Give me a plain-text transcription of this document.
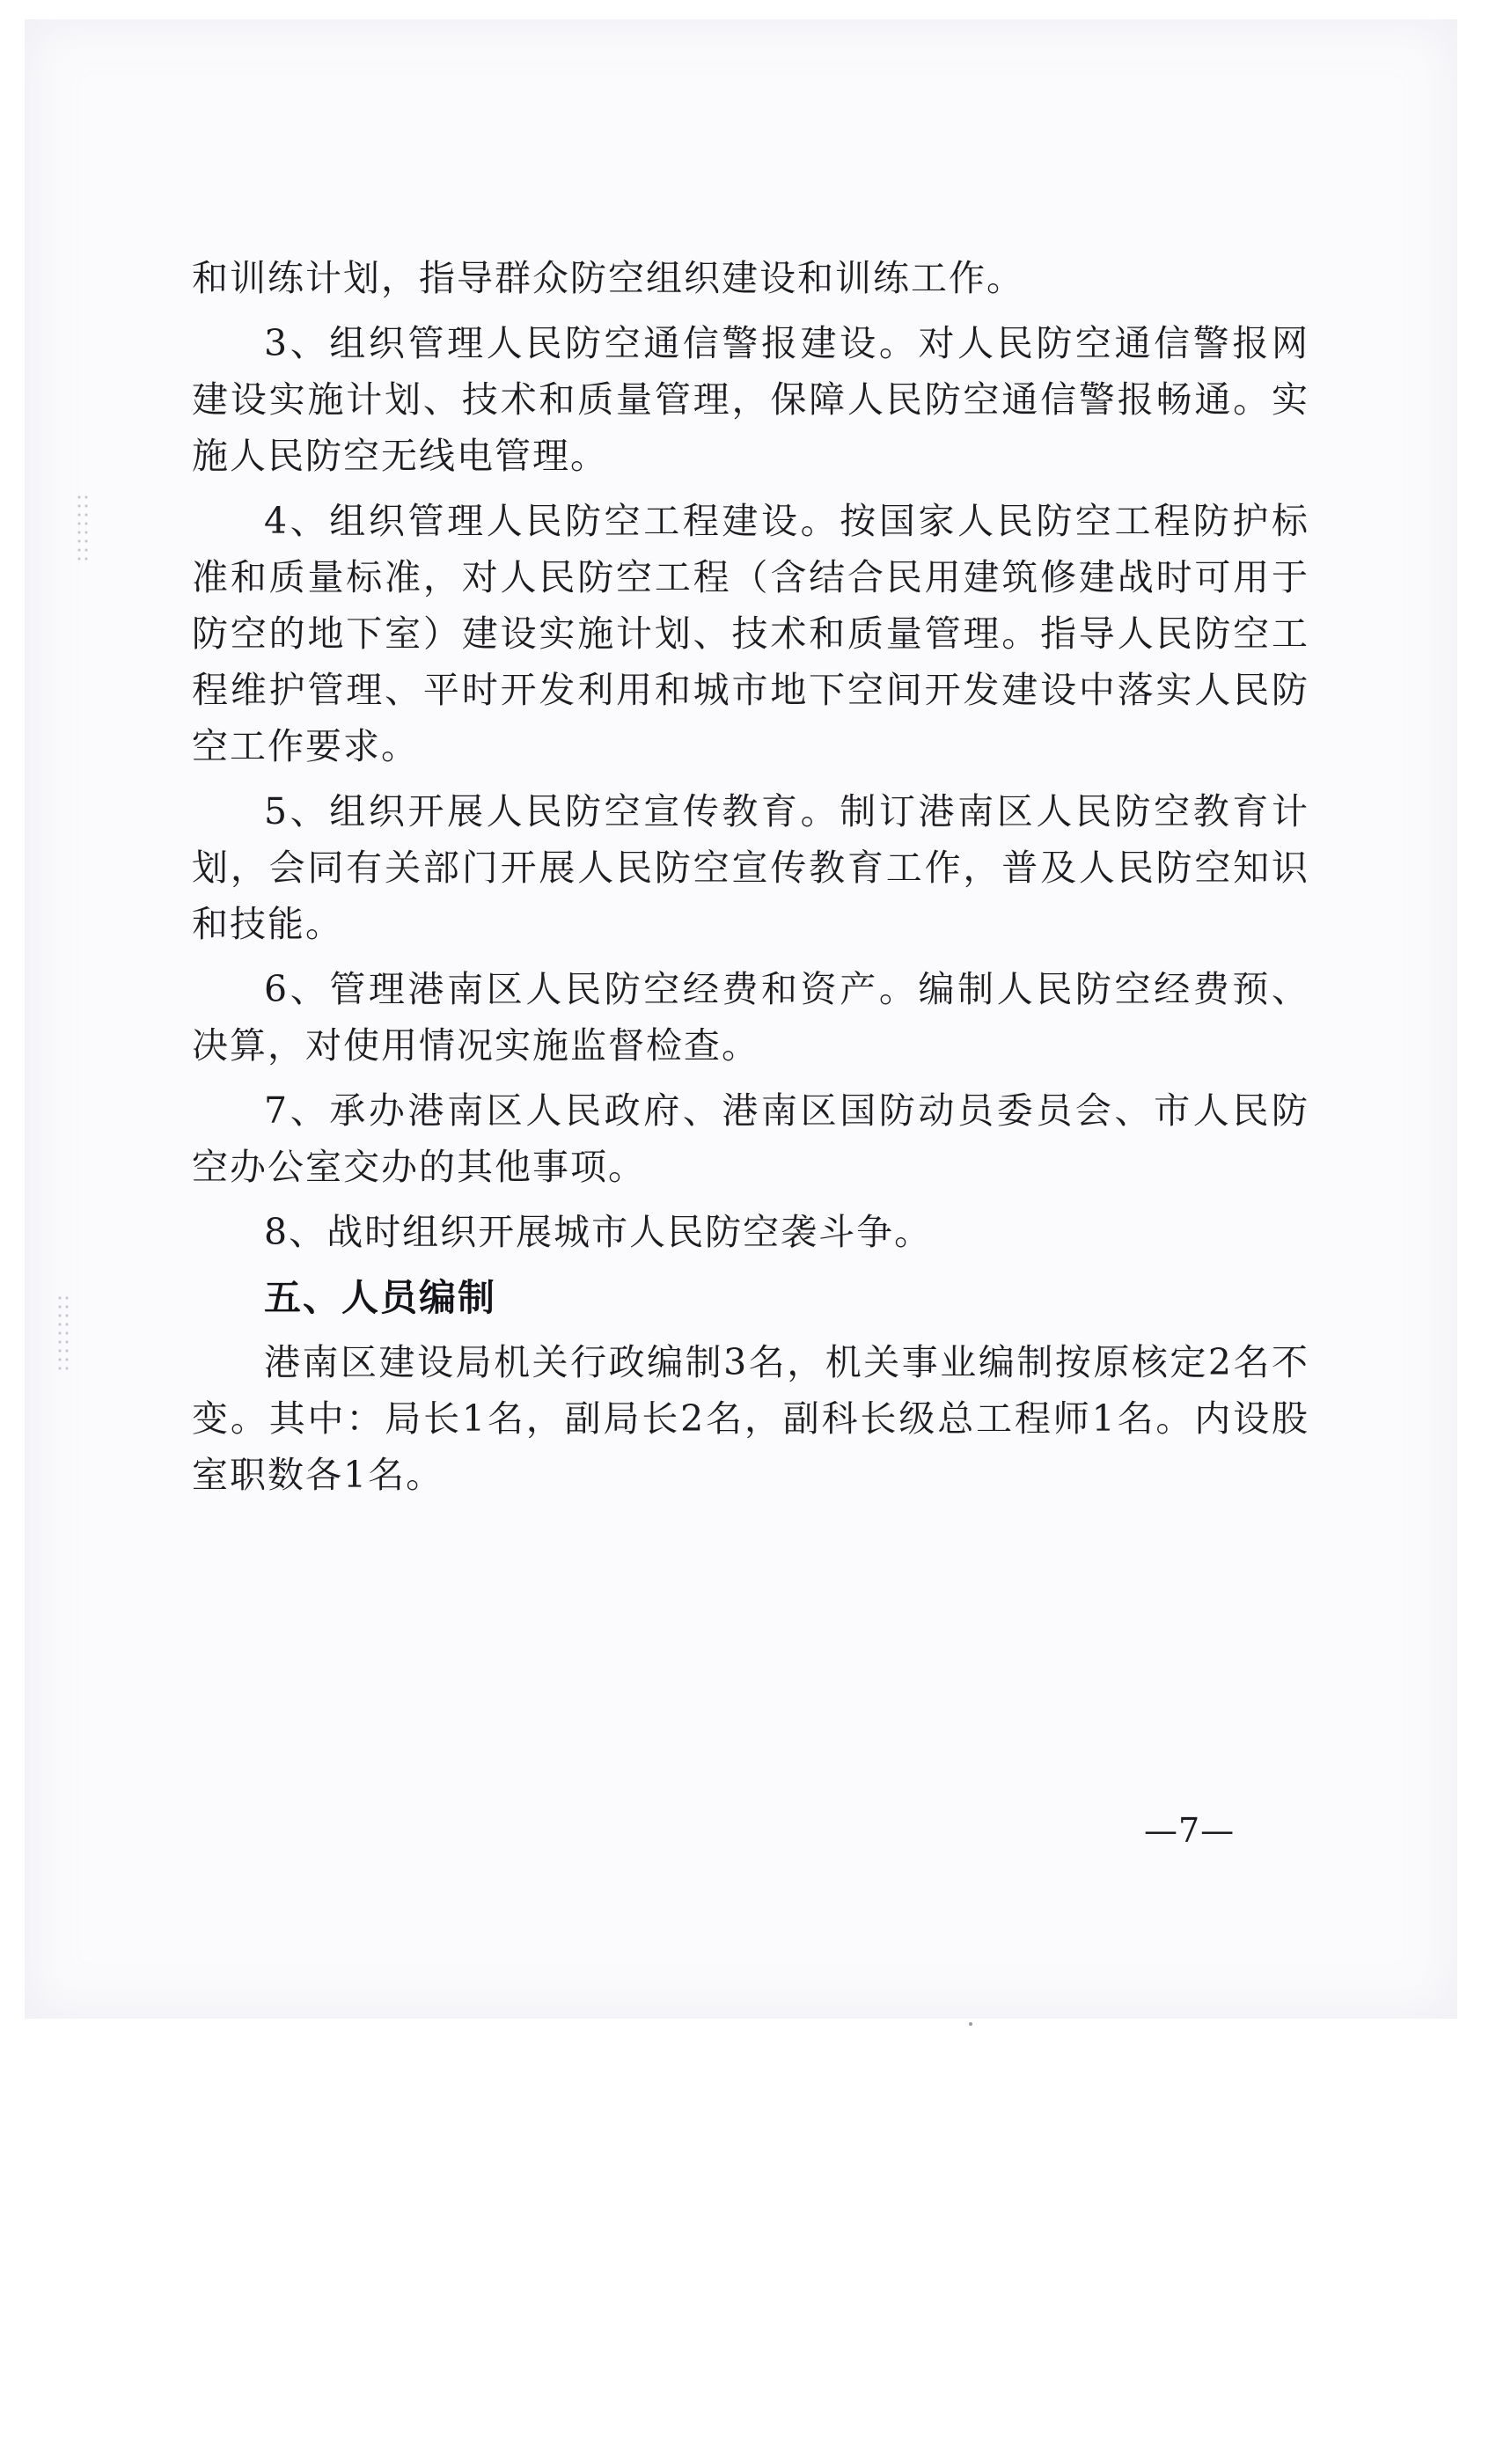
和训练计划，指导群众防空组织建设和训练工作。

3、组织管理人民防空通信警报建设。对人民防空通信警报网建设实施计划、技术和质量管理，保障人民防空通信警报畅通。实施人民防空无线电管理。

4、组织管理人民防空工程建设。按国家人民防空工程防护标准和质量标准，对人民防空工程（含结合民用建筑修建战时可用于防空的地下室）建设实施计划、技术和质量管理。指导人民防空工程维护管理、平时开发利用和城市地下空间开发建设中落实人民防空工作要求。

5、组织开展人民防空宣传教育。制订港南区人民防空教育计划，会同有关部门开展人民防空宣传教育工作，普及人民防空知识和技能。

6、管理港南区人民防空经费和资产。编制人民防空经费预、决算，对使用情况实施监督检查。

7、承办港南区人民政府、港南区国防动员委员会、市人民防空办公室交办的其他事项。

8、战时组织开展城市人民防空袭斗争。

五、人员编制

港南区建设局机关行政编制3名，机关事业编制按原核定2名不变。其中：局长1名，副局长2名，副科长级总工程师1名。内设股室职数各1名。

—7—
